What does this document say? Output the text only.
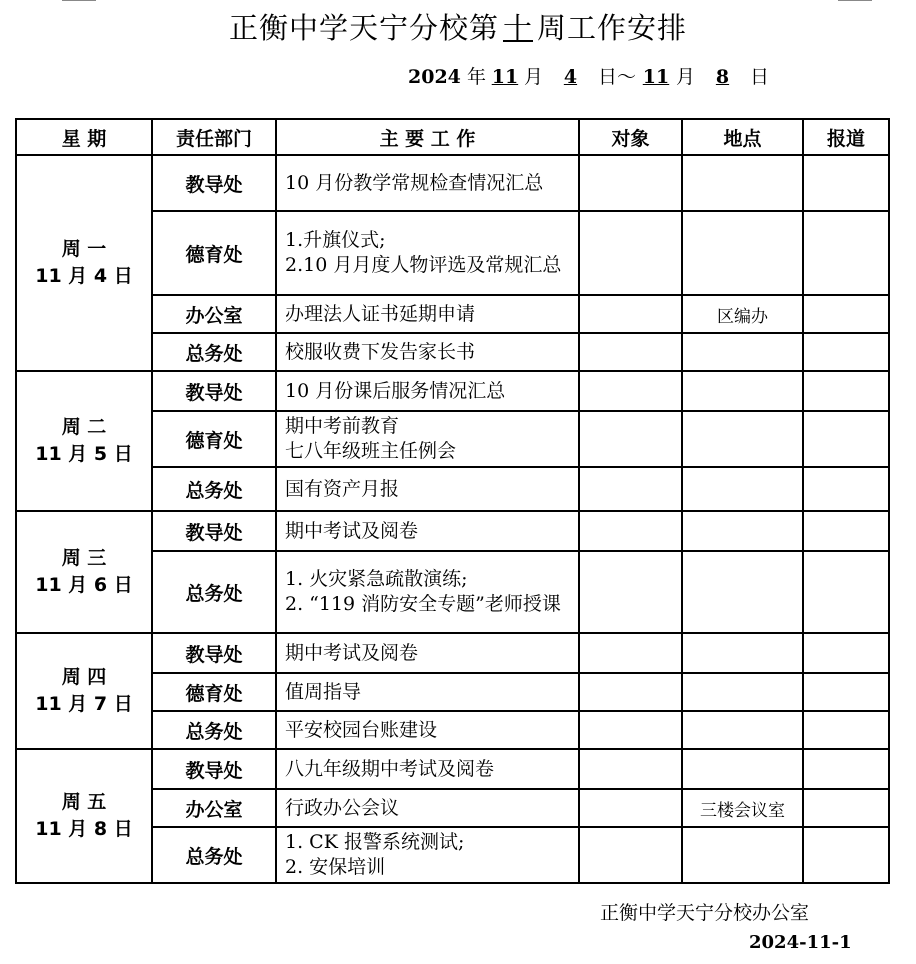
正衡中学天宁分校第 十 周工作安排
2024 年 11 月 4 日～ 11 月 8 日
星 期	责任部门	主 要 工 作	对象	地点	报道

周 一
11 月 4 日	教导处	10 月份教学常规检查情况汇总			

	德育处	1.升旗仪式;
2.10 月月度人物评选及常规汇总			

	办公室	办理法人证书延期申请		区编办	
	总务处	校服收费下发告家长书			

周 二
11 月 5 日	教导处	10 月份课后服务情况汇总			

	德育处	期中考前教育
七八年级班主任例会			

	总务处	国有资产月报			

周 三
11 月 6 日	教导处	期中考试及阅卷			

	总务处	1. 火灾紧急疏散演练;
2. “119 消防安全专题”老师授课			

周 四
11 月 7 日	教导处	期中考试及阅卷			

	德育处	值周指导			

	总务处	平安校园台账建设			

周 五
11 月 8 日	教导处	八九年级期中考试及阅卷			

	办公室	行政办公会议		三楼会议室	
	总务处	1. CK 报警系统测试;
2. 安保培训			

正衡中学天宁分校办公室
2024-11-1
